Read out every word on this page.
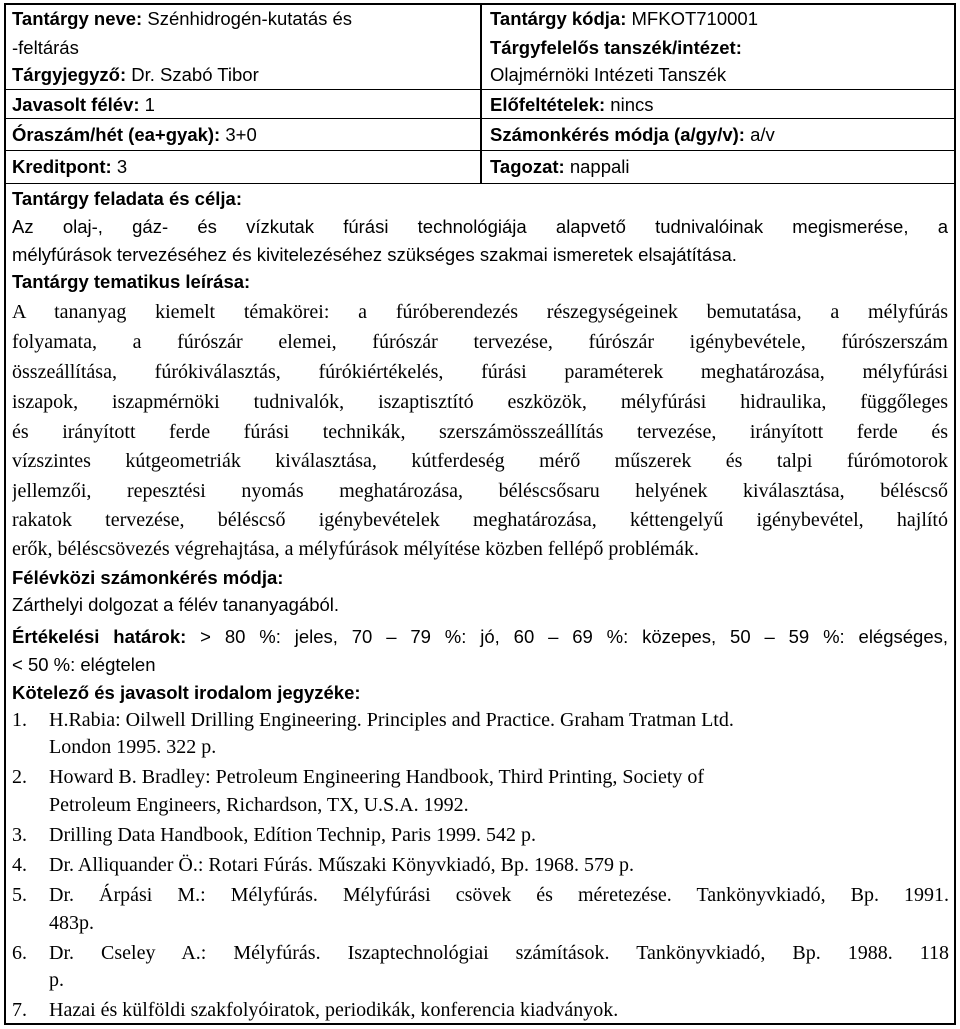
Tantárgy neve: Szénhidrogén-kutatás és
-feltárás
Tárgyjegyző: Dr. Szabó Tibor
Javasolt félév: 1
Óraszám/hét (ea+gyak): 3+0
Kreditpont: 3
Tantárgy kódja: MFKOT710001
Tárgyfelelős tanszék/intézet:
Olajmérnöki Intézeti Tanszék
Előfeltételek: nincs
Számonkérés módja (a/gy/v): a/v
Tagozat: nappali
Tantárgy feladata és célja:
Az olaj-, gáz- és vízkutak fúrási technológiája alapvető tudnivalóinak megismerése, a
mélyfúrások tervezéséhez és kivitelezéséhez szükséges szakmai ismeretek elsajátítása.
Tantárgy tematikus leírása:
A tananyag kiemelt témakörei: a fúróberendezés részegységeinek bemutatása, a mélyfúrás
folyamata, a fúrószár elemei, fúrószár tervezése, fúrószár igénybevétele, fúrószerszám
összeállítása, fúrókiválasztás, fúrókiértékelés, fúrási paraméterek meghatározása, mélyfúrási
iszapok, iszapmérnöki tudnivalók, iszaptisztító eszközök, mélyfúrási hidraulika, függőleges
és irányított ferde fúrási technikák, szerszámösszeállítás tervezése, irányított ferde és
vízszintes kútgeometriák kiválasztása, kútferdeség mérő műszerek és talpi fúrómotorok
jellemzői, repesztési nyomás meghatározása, béléscsősaru helyének kiválasztása, béléscső
rakatok tervezése, béléscső igénybevételek meghatározása, kéttengelyű igénybevétel, hajlító
erők, béléscsövezés végrehajtása, a mélyfúrások mélyítése közben fellépő problémák.
Félévközi számonkérés módja:
Zárthelyi dolgozat a félév tananyagából.
Értékelési határok: > 80 %: jeles, 70 – 79 %: jó, 60 – 69 %: közepes, 50 – 59 %: elégséges,
< 50 %: elégtelen
Kötelező és javasolt irodalom jegyzéke:
1. H.Rabia: Oilwell Drilling Engineering. Principles and Practice. Graham Tratman Ltd.
London 1995. 322 p.
2. Howard B. Bradley: Petroleum Engineering Handbook, Third Printing, Society of
Petroleum Engineers, Richardson, TX, U.S.A. 1992.
3. Drilling Data Handbook, Edítion Technip, Paris 1999. 542 p.
4. Dr. Alliquander Ö.: Rotari Fúrás. Műszaki Könyvkiadó, Bp. 1968. 579 p.
5. Dr. Árpási M.: Mélyfúrás. Mélyfúrási csövek és méretezése. Tankönyvkiadó, Bp. 1991.
483p.
6. Dr. Cseley A.: Mélyfúrás. Iszaptechnológiai számítások. Tankönyvkiadó, Bp. 1988. 118
p.
7. Hazai és külföldi szakfolyóiratok, periodikák, konferencia kiadványok.
